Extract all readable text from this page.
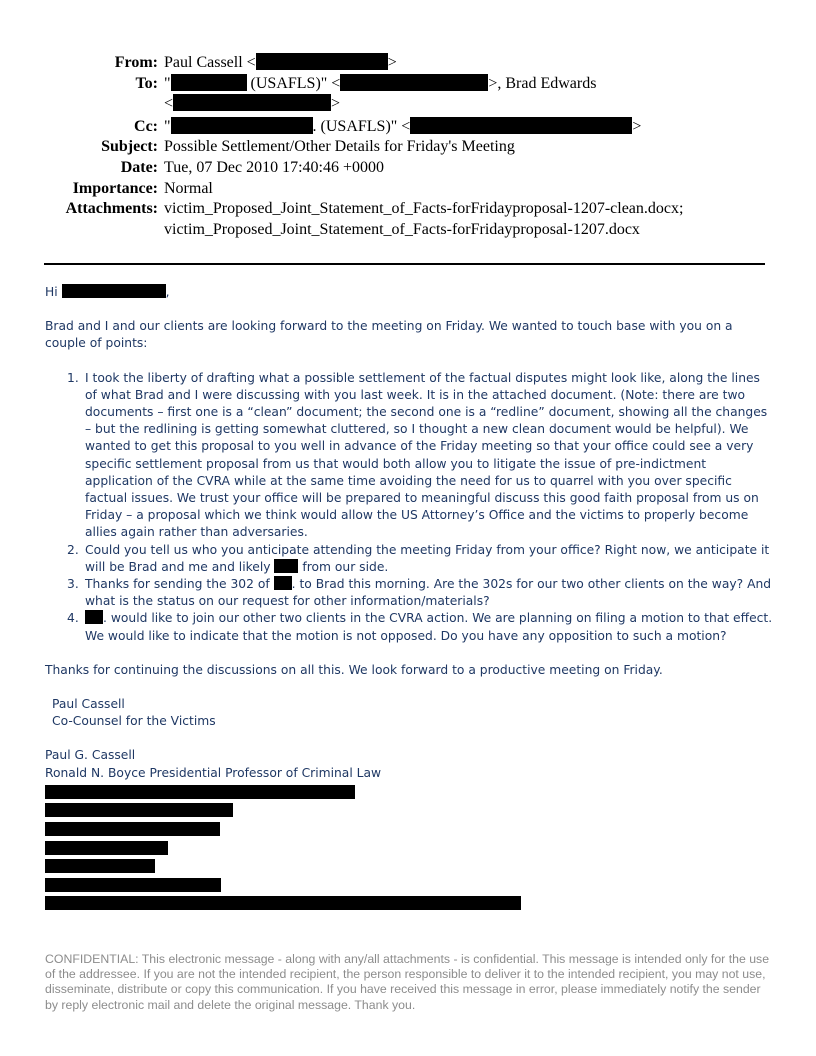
From: Paul Cassell <	>
To: "	(USAFLS)" <	>, Brad Edwards
<	>
Cc: "	. (USAFLS)" <	>
Subject: Possible Settlement/Other Details for Friday's Meeting
Date: Tue, 07 Dec 2010 17:40:46 +0000
Importance: Normal
Attachments: victim_Proposed_Joint_Statement_of_Facts-forFridayproposal-1207-clean.docx;
victim_Proposed_Joint_Statement_of_Facts-forFridayproposal-1207.docx

Hi	,

Brad and I and our clients are looking forward to the meeting on Friday. We wanted to touch base with you on a couple of points:

1. I took the liberty of drafting what a possible settlement of the factual disputes might look like, along the lines of what Brad and I were discussing with you last week. It is in the attached document. (Note: there are two documents – first one is a “clean” document; the second one is a “redline” document, showing all the changes – but the redlining is getting somewhat cluttered, so I thought a new clean document would be helpful). We wanted to get this proposal to you well in advance of the Friday meeting so that your office could see a very specific settlement proposal from us that would both allow you to litigate the issue of pre-indictment application of the CVRA while at the same time avoiding the need for us to quarrel with you over specific factual issues. We trust your office will be prepared to meaningful discuss this good faith proposal from us on Friday – a proposal which we think would allow the US Attorney’s Office and the victims to properly become allies again rather than adversaries.
2. Could you tell us who you anticipate attending the meeting Friday from your office? Right now, we anticipate it will be Brad and me and likely  from our side.
3. Thanks for sending the 302 of . to Brad this morning. Are the 302s for our two other clients on the way? And what is the status on our request for other information/materials?
4. . would like to join our other two clients in the CVRA action. We are planning on filing a motion to that effect. We would like to indicate that the motion is not opposed. Do you have any opposition to such a motion?

Thanks for continuing the discussions on all this. We look forward to a productive meeting on Friday.

Paul Cassell
Co-Counsel for the Victims
Paul G. Cassell
Ronald N. Boyce Presidential Professor of Criminal Law
CONFIDENTIAL: This electronic message - along with any/all attachments - is confidential. This message is intended only for the use of the addressee. If you are not the intended recipient, the person responsible to deliver it to the intended recipient, you may not use, disseminate, distribute or copy this communication. If you have received this message in error, please immediately notify the sender by reply electronic mail and delete the original message. Thank you.
